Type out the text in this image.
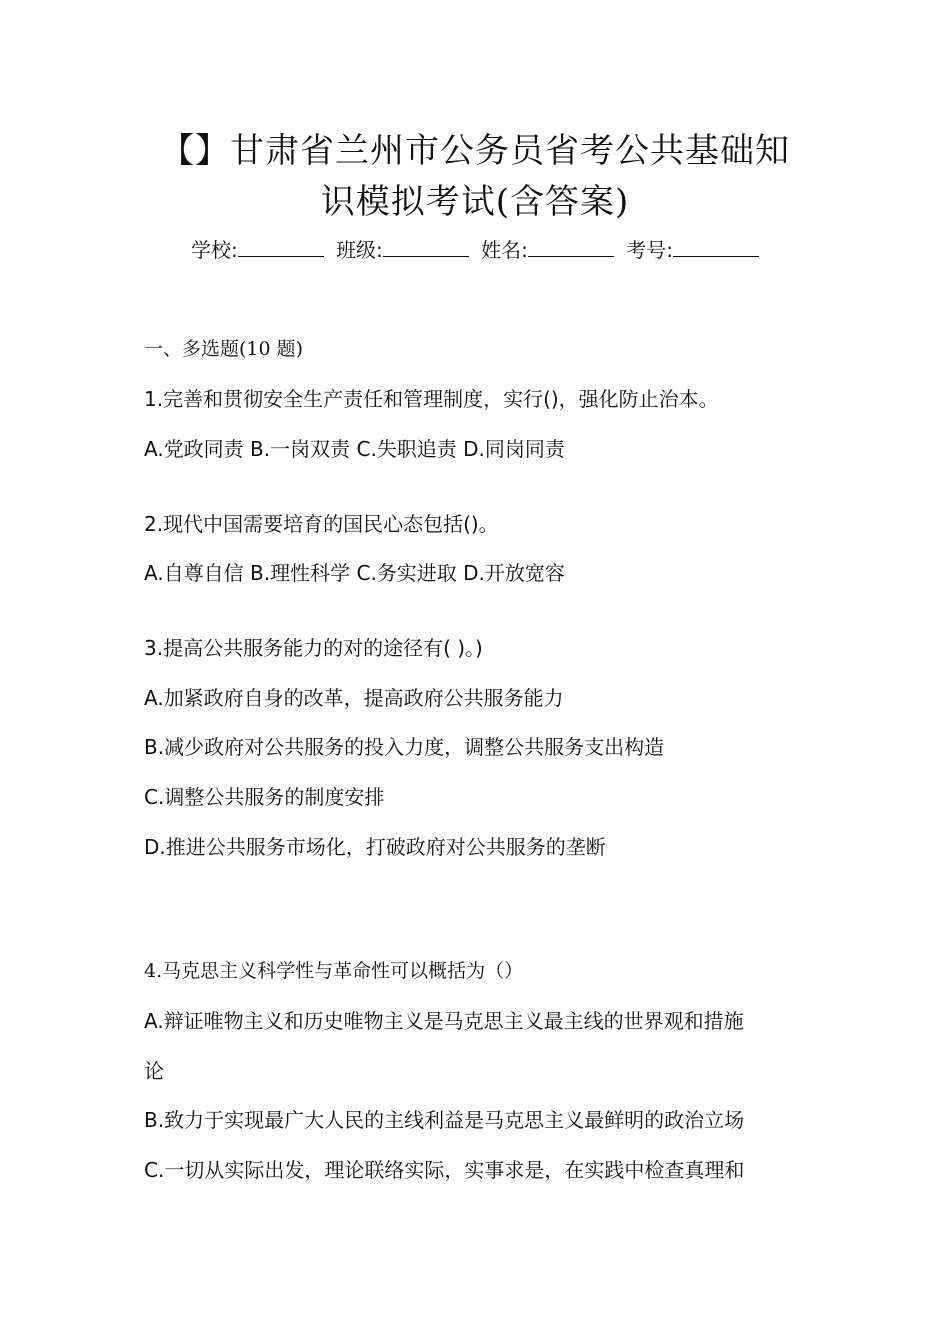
【】甘肃省兰州市公务员省考公共基础知
识模拟考试(含答案)
学校:	班级:	姓名:	考号:
一、多选题(10 题)
1.完善和贯彻安全生产责任和管理制度，实行()，强化防止治本。
A.党政同责 B.一岗双责 C.失职追责 D.同岗同责
2.现代中国需要培育的国民心态包括()。
A.自尊自信 B.理性科学 C.务实进取 D.开放宽容
3.提高公共服务能力的对的途径有( )。)
A.加紧政府自身的改革，提高政府公共服务能力
B.减少政府对公共服务的投入力度，调整公共服务支出构造
C.调整公共服务的制度安排
D.推进公共服务市场化，打破政府对公共服务的垄断
4.马克思主义科学性与革命性可以概括为（）
A.辩证唯物主义和历史唯物主义是马克思主义最主线的世界观和措施
论
B.致力于实现最广大人民的主线利益是马克思主义最鲜明的政治立场
C.一切从实际出发，理论联络实际，实事求是，在实践中检查真理和
